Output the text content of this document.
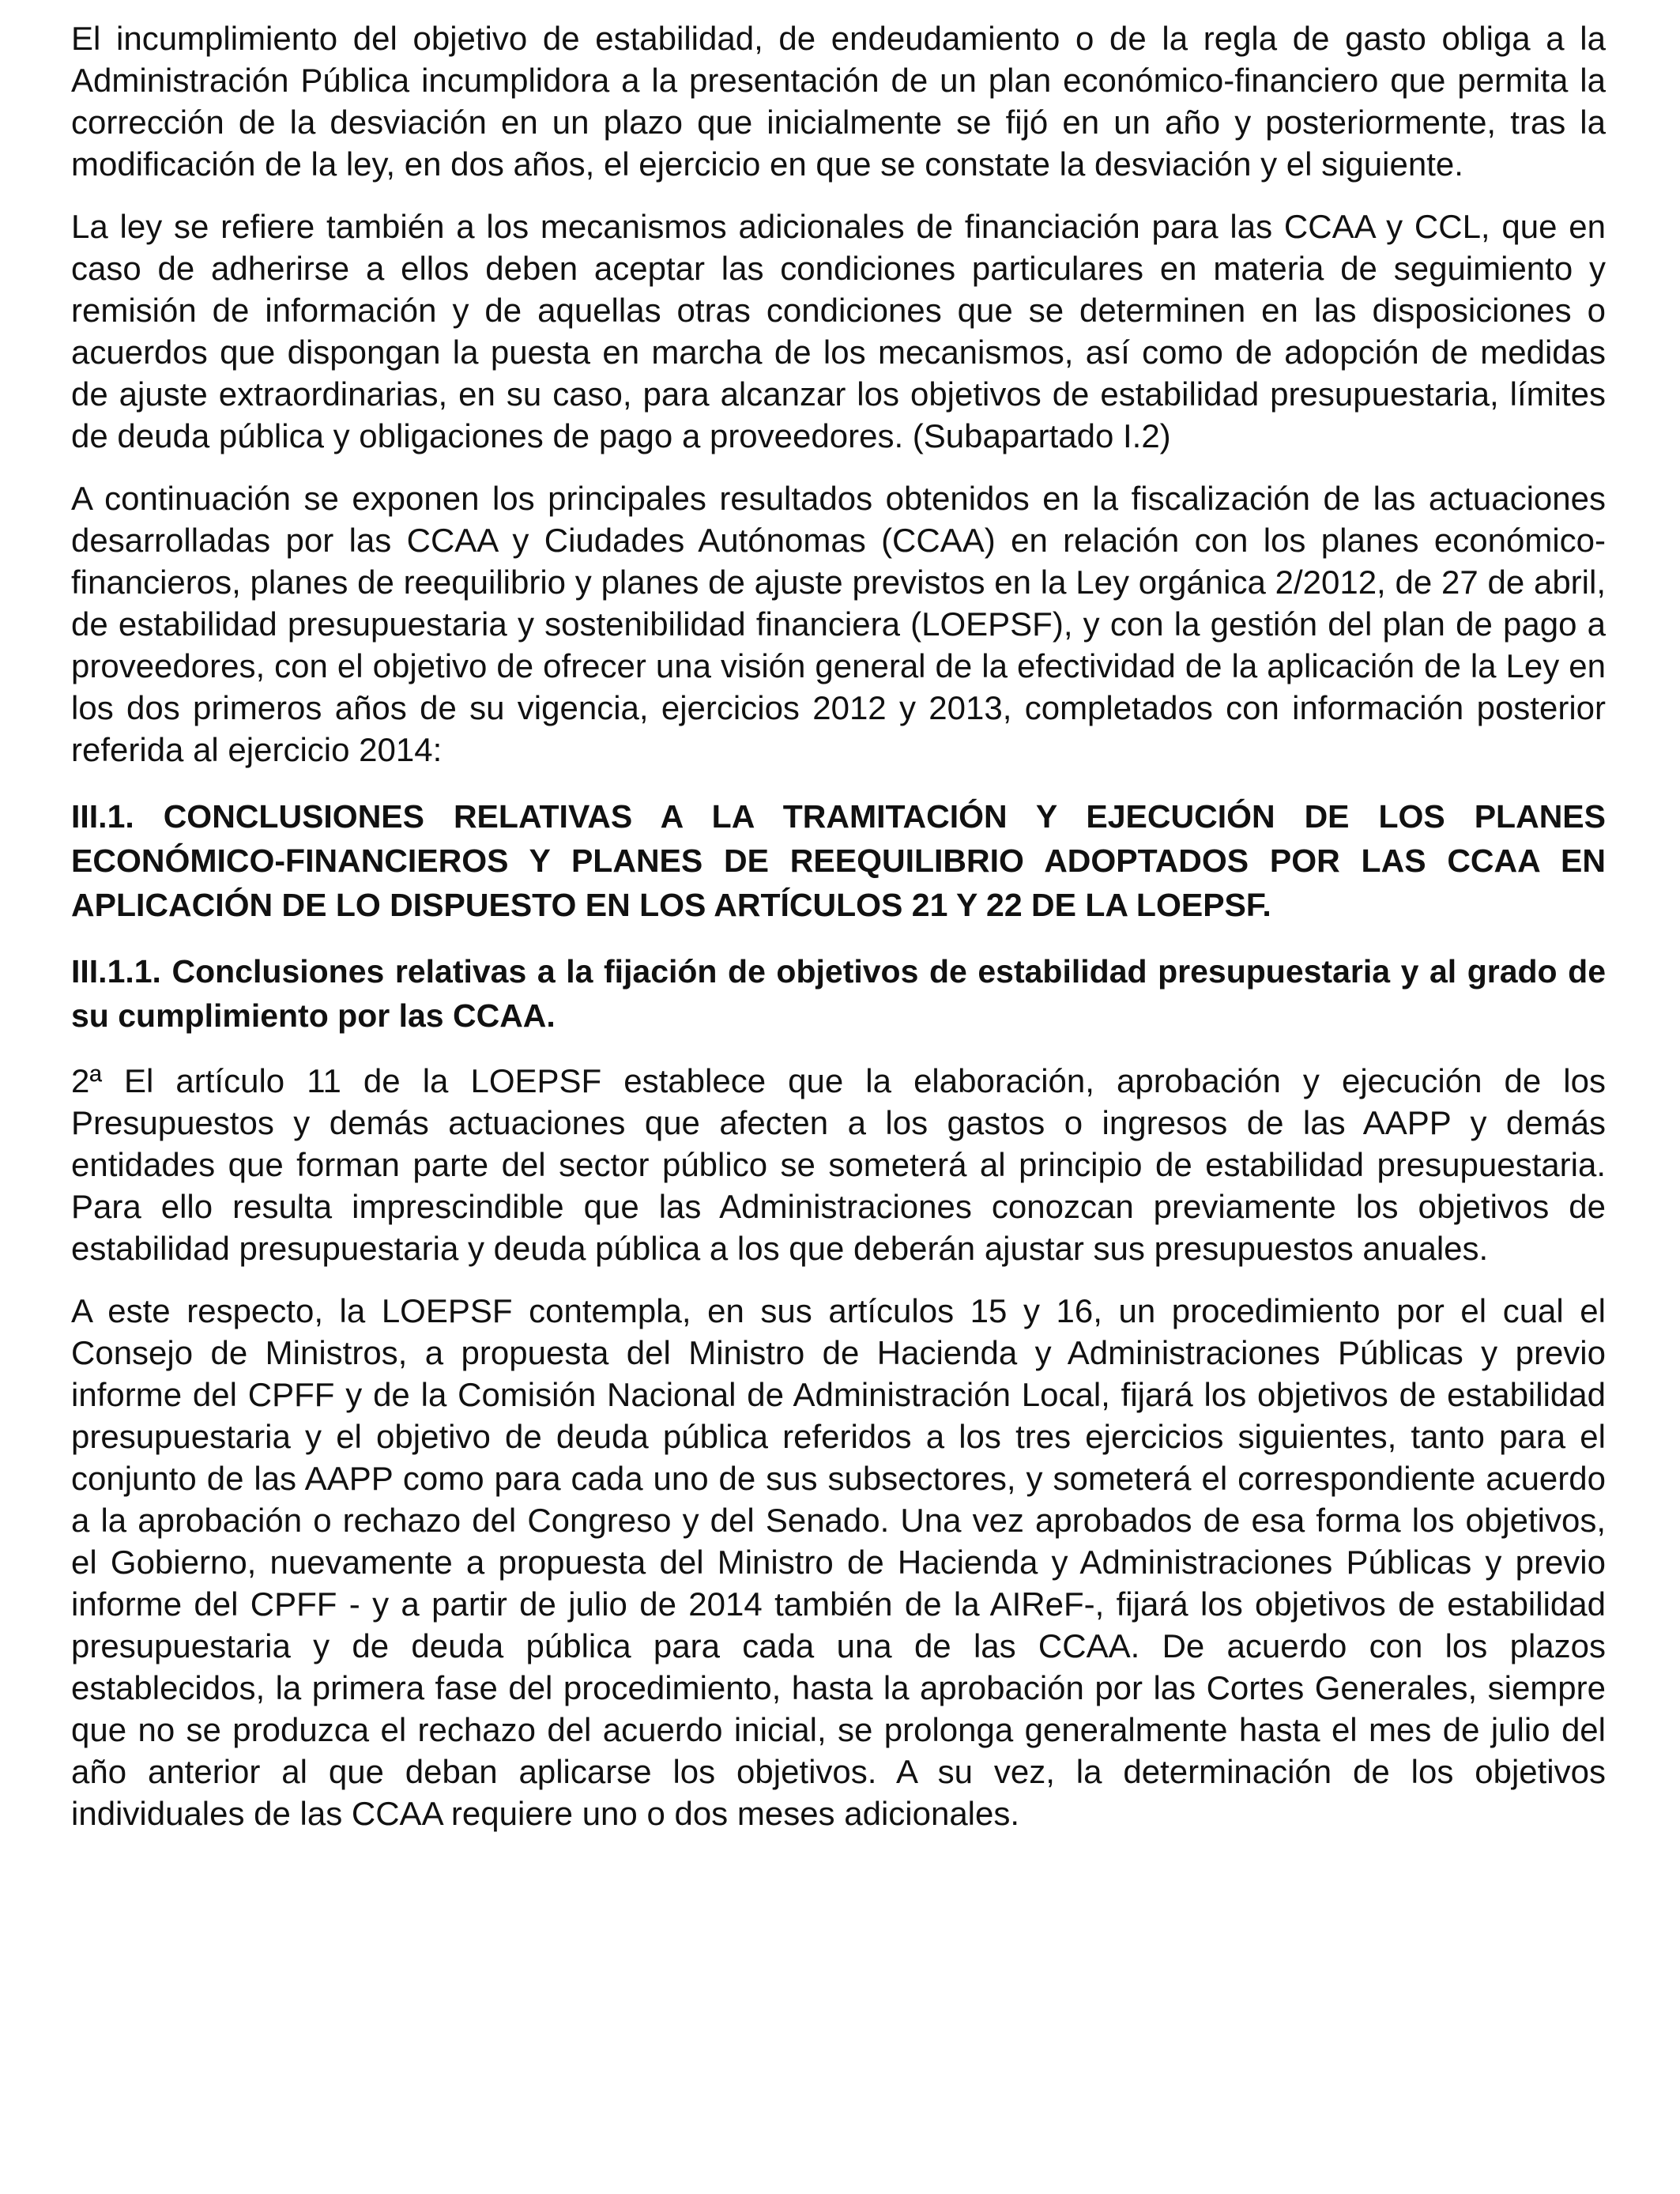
El incumplimiento del objetivo de estabilidad, de endeudamiento o de la regla de gasto obliga a la Administración Pública incumplidora a la presentación de un plan económico-financiero que permita la corrección de la desviación en un plazo que inicialmente se fijó en un año y posteriormente, tras la modificación de la ley, en dos años, el ejercicio en que se constate la desviación y el siguiente.

La ley se refiere también a los mecanismos adicionales de financiación para las CCAA y CCL, que en caso de adherirse a ellos deben aceptar las condiciones particulares en materia de seguimiento y remisión de información y de aquellas otras condiciones que se determinen en las disposiciones o acuerdos que dispongan la puesta en marcha de los mecanismos, así como de adopción de medidas de ajuste extraordinarias, en su caso, para alcanzar los objetivos de estabilidad presupuestaria, límites de deuda pública y obligaciones de pago a proveedores. (Subapartado I.2)

A continuación se exponen los principales resultados obtenidos en la fiscalización de las actuaciones desarrolladas por las CCAA y Ciudades Autónomas (CCAA) en relación con los planes económico-financieros, planes de reequilibrio y planes de ajuste previstos en la Ley orgánica 2/2012, de 27 de abril, de estabilidad presupuestaria y sostenibilidad financiera (LOEPSF), y con la gestión del plan de pago a proveedores, con el objetivo de ofrecer una visión general de la efectividad de la aplicación de la Ley en los dos primeros años de su vigencia, ejercicios 2012 y 2013, completados con información posterior referida al ejercicio 2014:

III.1. CONCLUSIONES RELATIVAS A LA TRAMITACIÓN Y EJECUCIÓN DE LOS PLANES ECONÓMICO-FINANCIEROS Y PLANES DE REEQUILIBRIO ADOPTADOS POR LAS CCAA EN APLICACIÓN DE LO DISPUESTO EN LOS ARTÍCULOS 21 Y 22 DE LA LOEPSF.
III.1.1. Conclusiones relativas a la fijación de objetivos de estabilidad presupuestaria y al grado de su cumplimiento por las CCAA.

2ª El artículo 11 de la LOEPSF establece que la elaboración, aprobación y ejecución de los Presupuestos y demás actuaciones que afecten a los gastos o ingresos de las AAPP y demás entidades que forman parte del sector público se someterá al principio de estabilidad presupuestaria. Para ello resulta imprescindible que las Administraciones conozcan previamente los objetivos de estabilidad presupuestaria y deuda pública a los que deberán ajustar sus presupuestos anuales.

A este respecto, la LOEPSF contempla, en sus artículos 15 y 16, un procedimiento por el cual el Consejo de Ministros, a propuesta del Ministro de Hacienda y Administraciones Públicas y previo informe del CPFF y de la Comisión Nacional de Administración Local, fijará los objetivos de estabilidad presupuestaria y el objetivo de deuda pública referidos a los tres ejercicios siguientes, tanto para el conjunto de las AAPP como para cada uno de sus subsectores, y someterá el correspondiente acuerdo a la aprobación o rechazo del Congreso y del Senado. Una vez aprobados de esa forma los objetivos, el Gobierno, nuevamente a propuesta del Ministro de Hacienda y Administraciones Públicas y previo informe del CPFF - y a partir de julio de 2014 también de la AIReF-, fijará los objetivos de estabilidad presupuestaria y de deuda pública para cada una de las CCAA. De acuerdo con los plazos establecidos, la primera fase del procedimiento, hasta la aprobación por las Cortes Generales, siempre que no se produzca el rechazo del acuerdo inicial, se prolonga generalmente hasta el mes de julio del año anterior al que deban aplicarse los objetivos. A su vez, la determinación de los objetivos individuales de las CCAA requiere uno o dos meses adicionales.
